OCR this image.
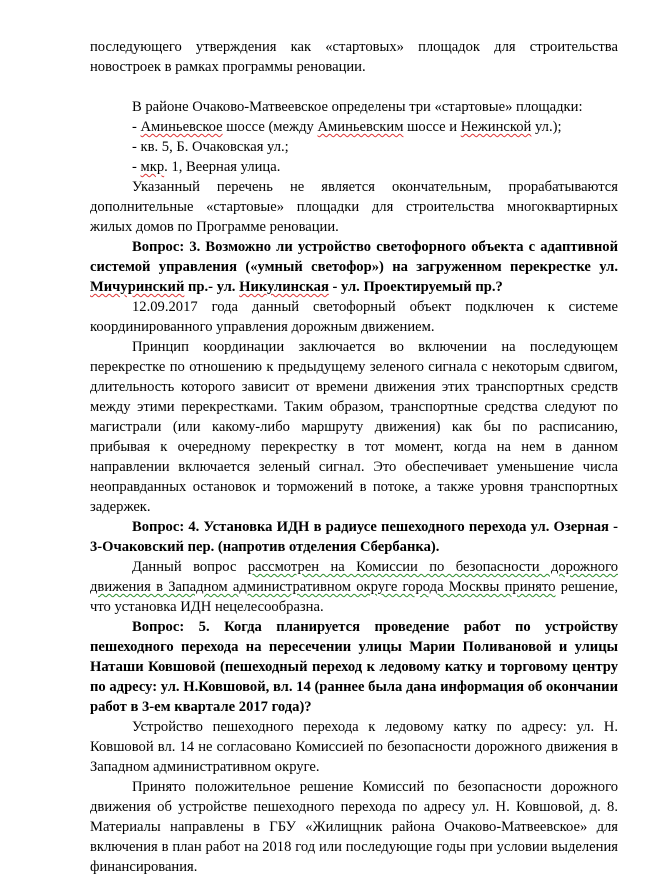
последующего утверждения как «стартовых» площадок для строительства новостроек в рамках программы реновации.

В районе Очаково-Матвеевское определены три «стартовые» площадки:

- Аминьевское шоссе (между Аминьевским шоссе и Нежинской ул.);

- кв. 5, Б. Очаковская ул.;

- мкр. 1, Веерная улица.

Указанный перечень не является окончательным, прорабатываются дополнительные «стартовые» площадки для строительства многоквартирных жилых домов по Программе реновации.

Вопрос: 3. Возможно ли устройство светофорного объекта с адаптивной системой управления («умный светофор») на загруженном перекрестке ул. Мичуринский пр.- ул. Никулинская - ул. Проектируемый пр.?

12.09.2017 года данный светофорный объект подключен к системе координированного управления дорожным движением.

Принцип координации заключается во включении на последующем перекрестке по отношению к предыдущему зеленого сигнала с некоторым сдвигом, длительность которого зависит от времени движения этих транспортных средств между этими перекрестками. Таким образом, транспортные средства следуют по магистрали (или какому-либо маршруту движения) как бы по расписанию, прибывая к очередному перекрестку в тот момент, когда на нем в данном направлении включается зеленый сигнал. Это обеспечивает уменьшение числа неоправданных остановок и торможений в потоке, а также уровня транспортных задержек.

Вопрос: 4. Установка ИДН в радиусе пешеходного перехода ул. Озерная - 3-Очаковский пер. (напротив отделения Сбербанка).

Данный вопрос рассмотрен на Комиссии по безопасности дорожного движения в Западном административном округе города Москвы принято решение, что установка ИДН нецелесообразна.

Вопрос: 5. Когда планируется проведение работ по устройству пешеходного перехода на пересечении улицы Марии Поливановой и улицы Наташи Ковшовой (пешеходный переход к ледовому катку и торговому центру по адресу: ул. Н.Ковшовой, вл. 14 (раннее была дана информация об окончании работ в 3-ем квартале 2017 года)?

Устройство пешеходного перехода к ледовому катку по адресу: ул. Н. Ковшовой вл. 14 не согласовано Комиссией по безопасности дорожного движения в Западном административном округе.

Принято положительное решение Комиссий по безопасности дорожного движения об устройстве пешеходного перехода по адресу ул. Н. Ковшовой, д. 8. Материалы направлены в ГБУ «Жилищник района Очаково-Матвеевское» для включения в план работ на 2018 год или последующие годы при условии выделения финансирования.
